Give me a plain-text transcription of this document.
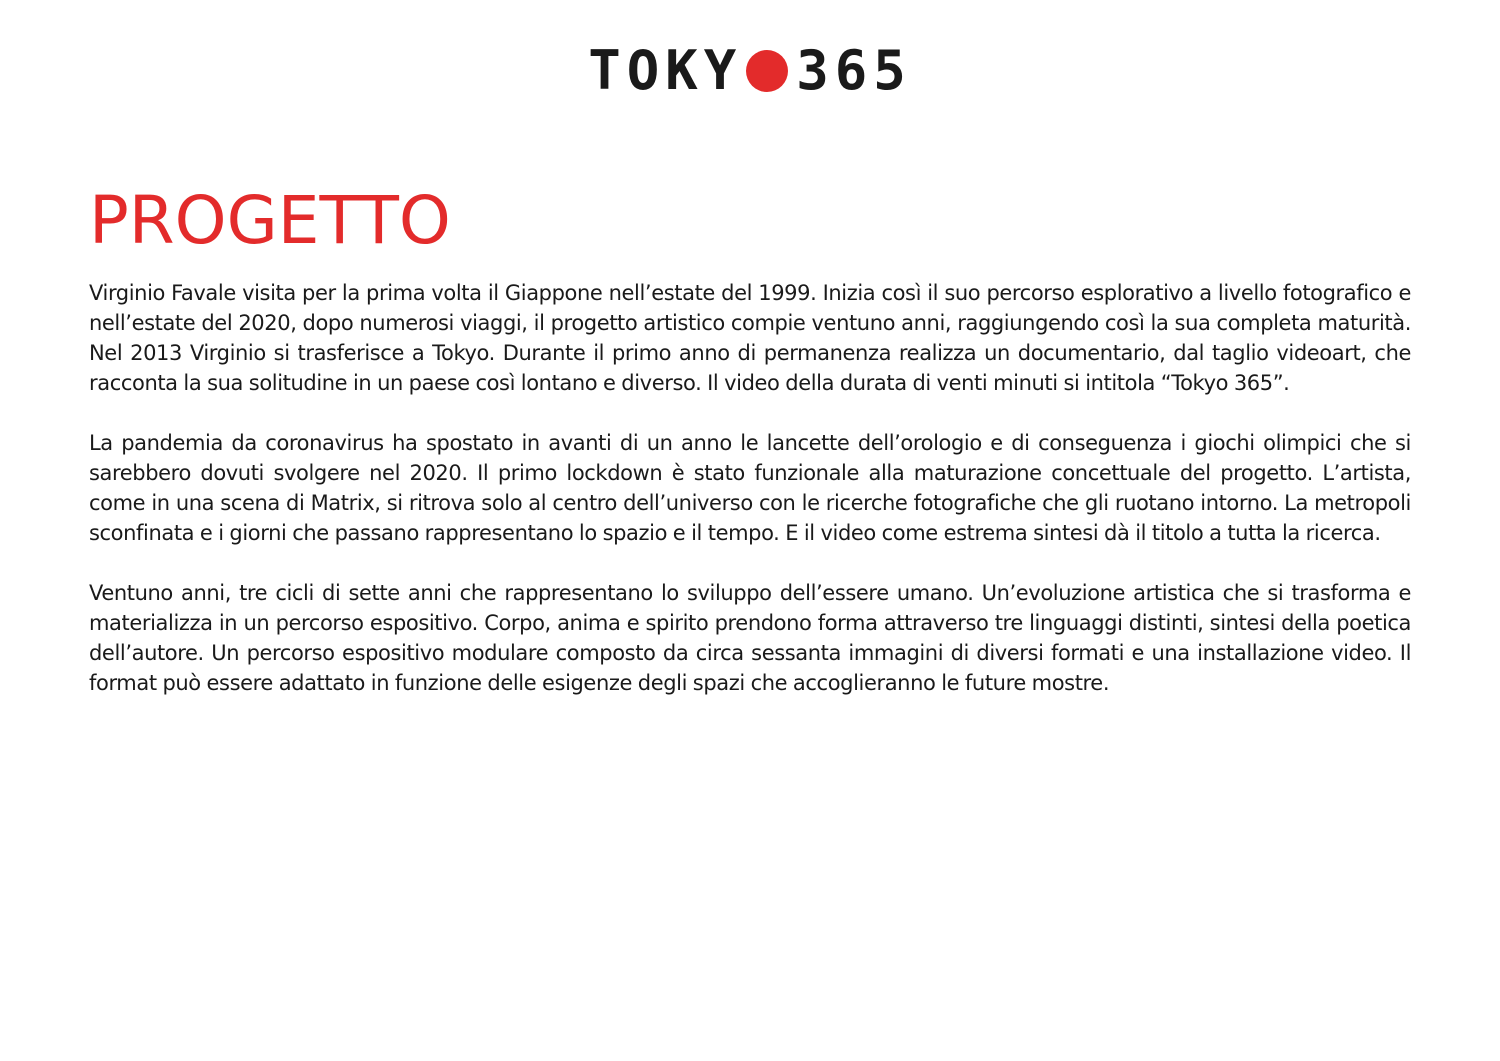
TOKY 365
PROGETTO

Virginio Favale visita per la prima volta il Giappone nell’estate del 1999. Inizia così il suo percorso esplorativo a livello fotografico e nell’estate del 2020, dopo numerosi viaggi, il progetto artistico compie ventuno anni, raggiungendo così la sua completa maturità. Nel 2013 Virginio si trasferisce a Tokyo. Durante il primo anno di permanenza realizza un documentario, dal taglio videoart, che racconta la sua solitudine in un paese così lontano e diverso. Il video della durata di venti minuti si intitola “Tokyo 365”.

La pandemia da coronavirus ha spostato in avanti di un anno le lancette dell’orologio e di conseguenza i giochi olimpici che si sarebbero dovuti svolgere nel 2020. Il primo lockdown è stato funzionale alla maturazione concettuale del progetto. L’artista, come in una scena di Matrix, si ritrova solo al centro dell’universo con le ricerche fotografiche che gli ruotano intorno. La metropoli sconfinata e i giorni che passano rappresentano lo spazio e il tempo. E il video come estrema sintesi dà il titolo a tutta la ricerca.

Ventuno anni, tre cicli di sette anni che rappresentano lo sviluppo dell’essere umano. Un’evoluzione artistica che si trasforma e materializza in un percorso espositivo. Corpo, anima e spirito prendono forma attraverso tre linguaggi distinti, sintesi della poetica dell’autore. Un percorso espositivo modulare composto da circa sessanta immagini di diversi formati e una installazione video. Il format può essere adattato in funzione delle esigenze degli spazi che accoglieranno le future mostre.
